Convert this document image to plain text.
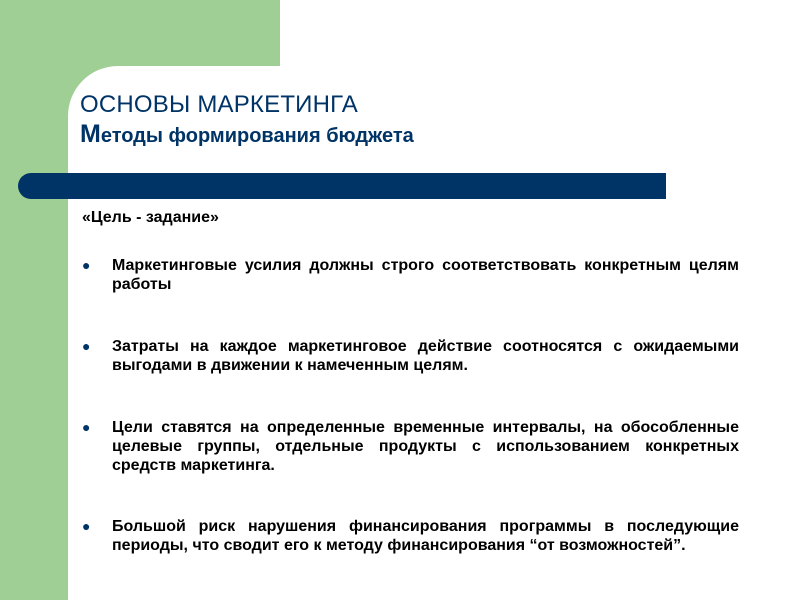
ОСНОВЫ МАРКЕТИНГА
Методы формирования бюджета
«Цель - задание»
● Маркетинговые усилия должны строго соответствовать конкретным целям работы
● Затраты на каждое маркетинговое действие соотносятся с ожидаемыми выгодами в движении к намеченным целям.
● Цели ставятся на определенные временные интервалы, на обособленные целевые группы, отдельные продукты с использованием конкретных средств маркетинга.
● Большой риск нарушения финансирования программы в последующие периоды, что сводит его к методу финансирования “от возможностей”.
